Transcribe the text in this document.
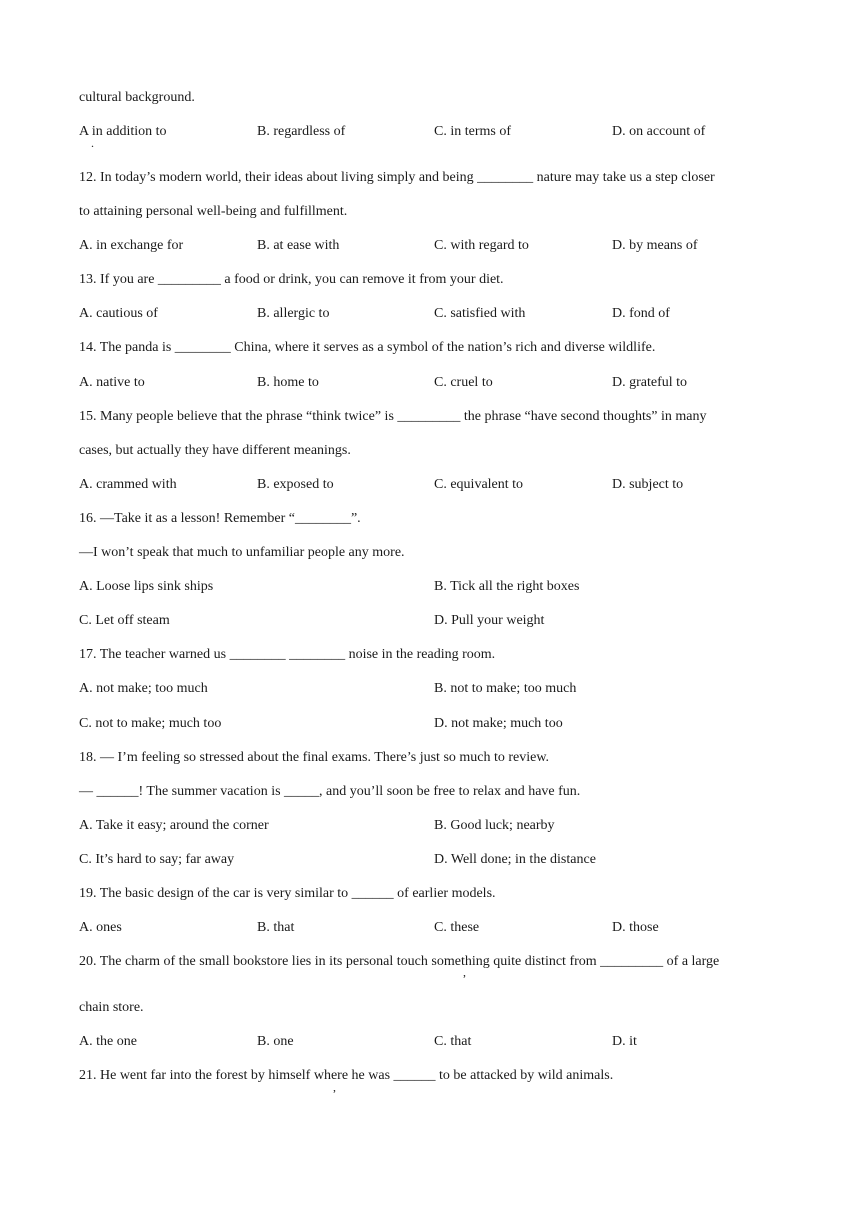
cultural background.
A in addition to	B. regardless of	C. in terms of	D. on account of
.
12. In today’s modern world, their ideas about living simply and being ________ nature may take us a step closer
to attaining personal well-being and fulfillment.
A. in exchange for	B. at ease with	C. with regard to	D. by means of
13. If you are _________ a food or drink, you can remove it from your diet.
A. cautious of	B. allergic to	C. satisfied with	D. fond of
14. The panda is ________ China, where it serves as a symbol of the nation’s rich and diverse wildlife.
A. native to	B. home to	C. cruel to	D. grateful to
15. Many people believe that the phrase “think twice” is _________ the phrase “have second thoughts” in many
cases, but actually they have different meanings.
A. crammed with	B. exposed to	C. equivalent to	D. subject to
16. —Take it as a lesson! Remember “________”.
—I won’t speak that much to unfamiliar people any more.
A. Loose lips sink ships	B. Tick all the right boxes
C. Let off steam	D. Pull your weight
17. The teacher warned us ________ ________ noise in the reading room.
A. not make; too much	B. not to make; too much
C. not to make; much too	D. not make; much too
18. — I’m feeling so stressed about the final exams. There’s just so much to review.
— ______! The summer vacation is _____, and you’ll soon be free to relax and have fun.
A. Take it easy; around the corner	B. Good luck; nearby
C. It’s hard to say; far away	D. Well done; in the distance
19. The basic design of the car is very similar to ______ of earlier models.
A. ones	B. that	C. these	D. those
20. The charm of the small bookstore lies in its personal touch something quite distinct from _________ of a large
,
chain store.
A. the one	B. one	C. that	D. it
21. He went far into the forest by himself where he was ______ to be attacked by wild animals.
,
